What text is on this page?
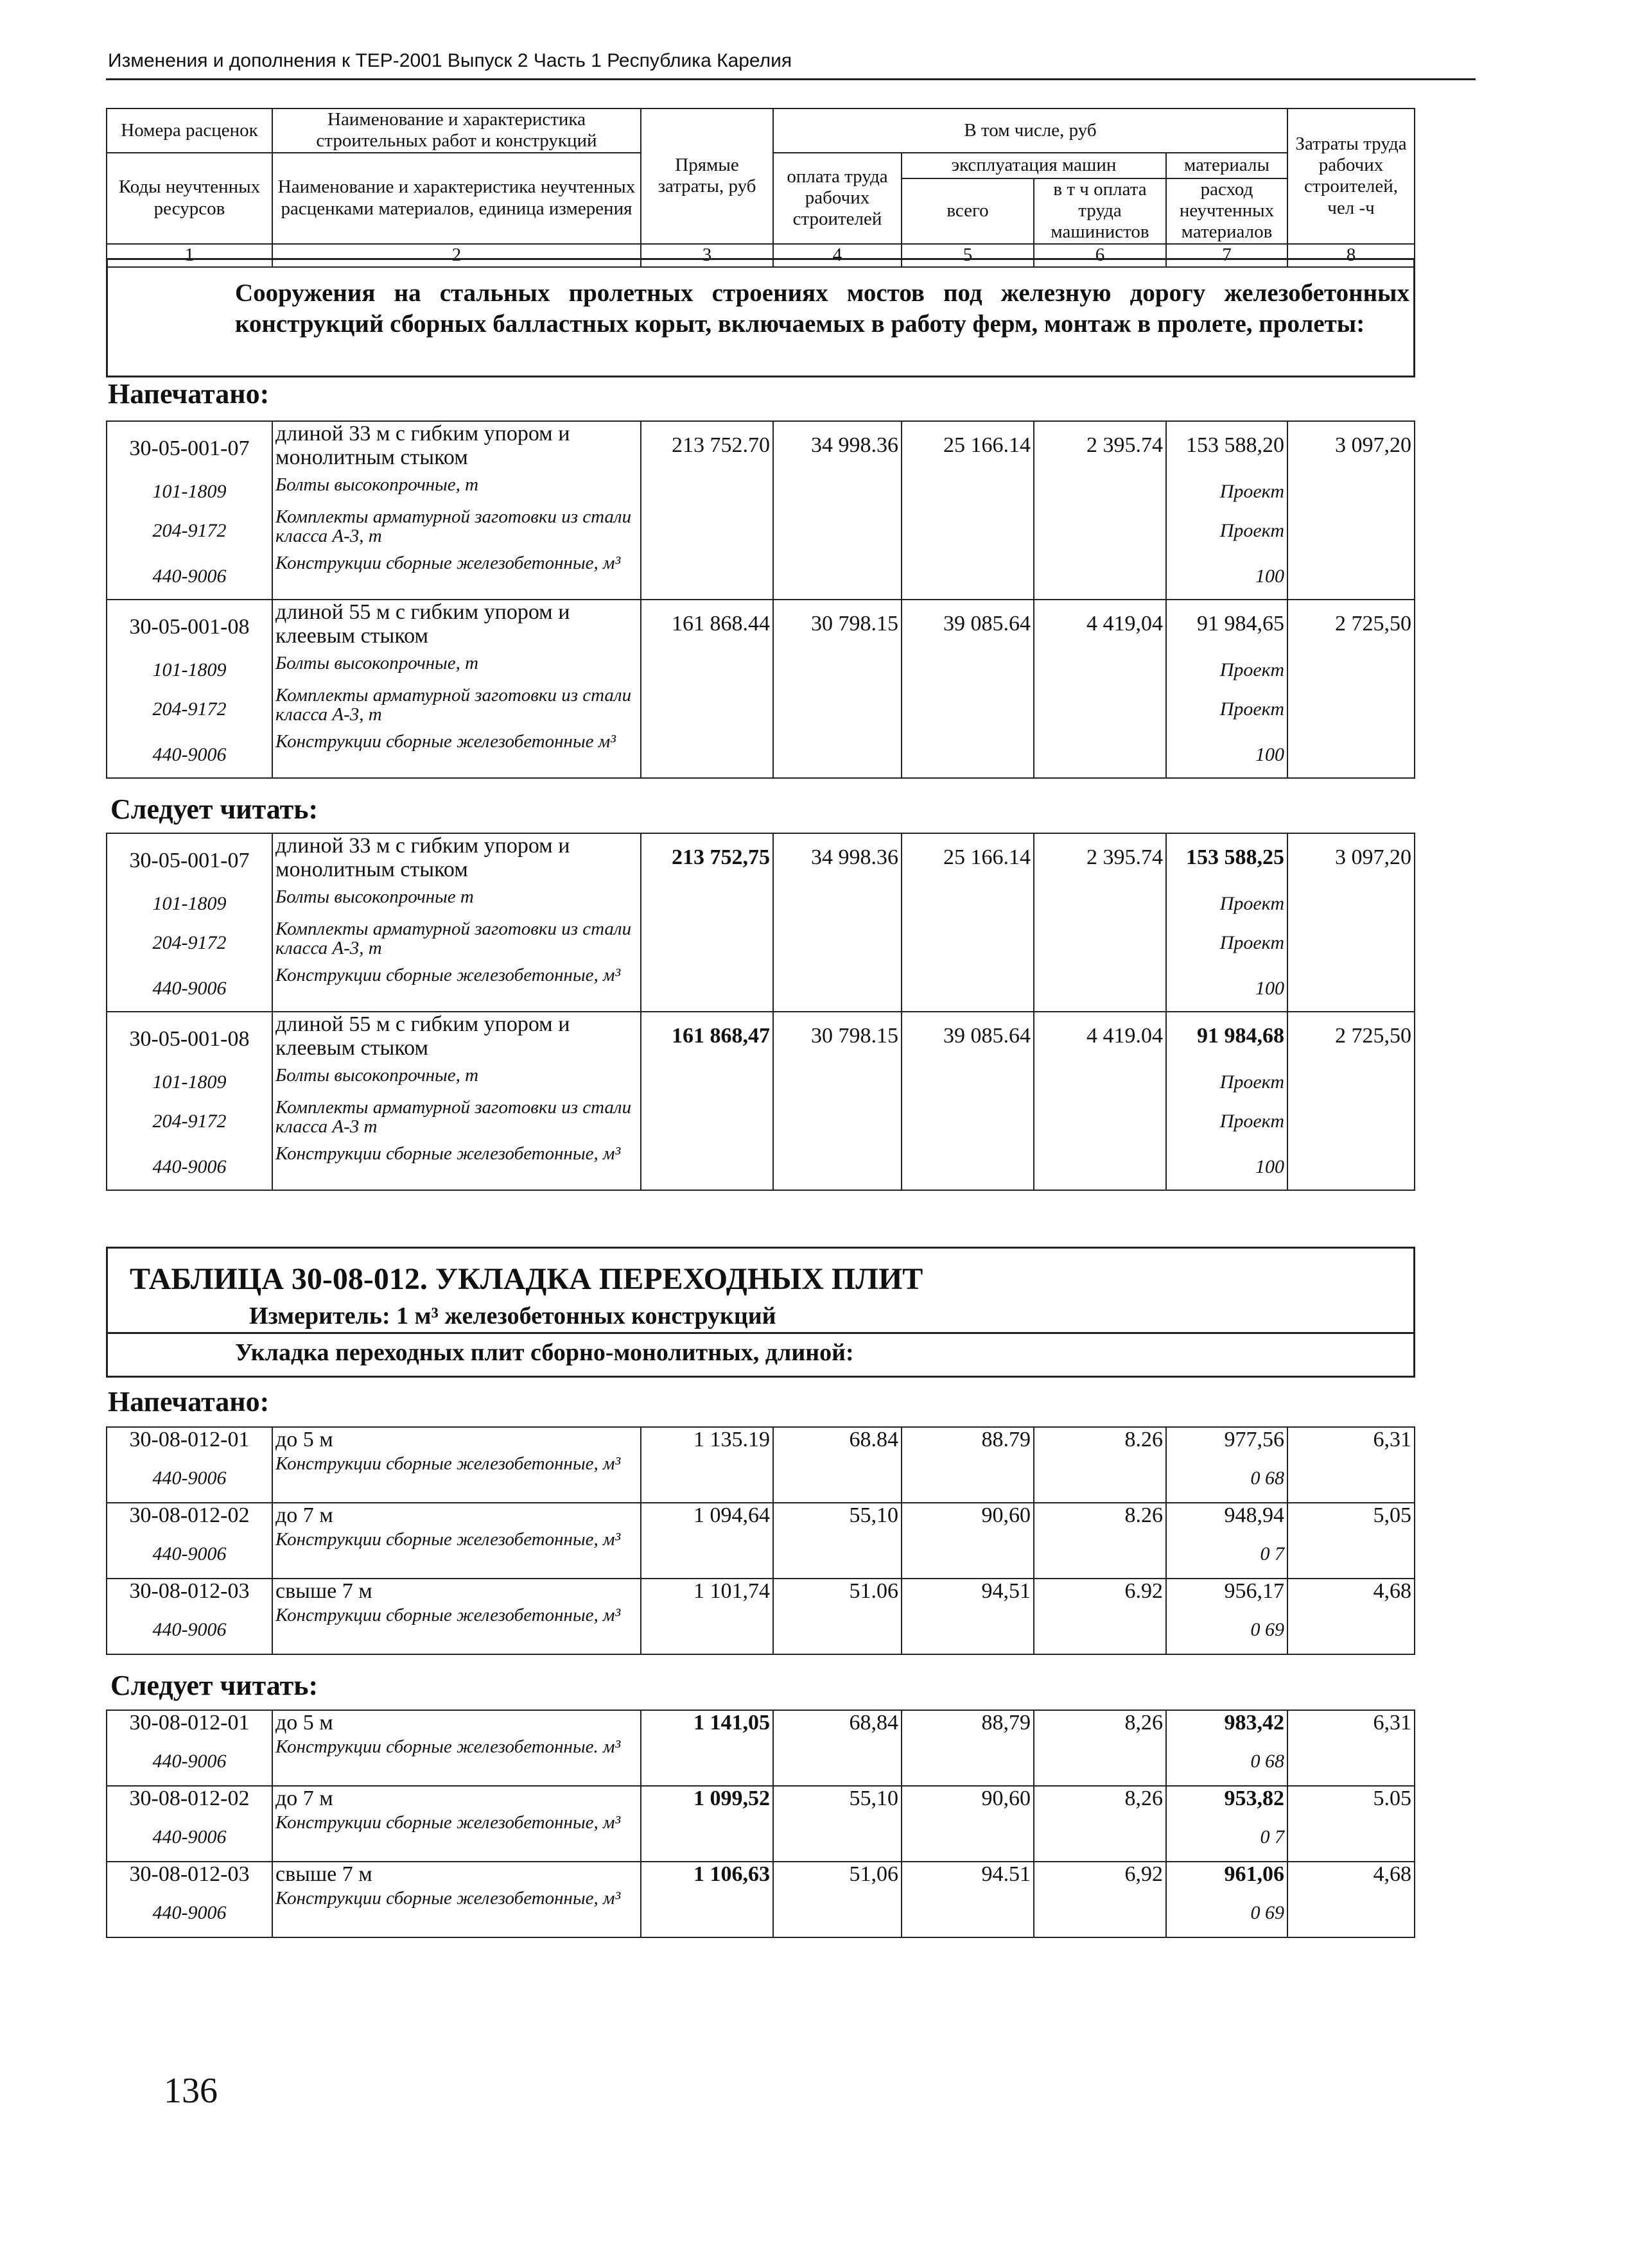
Изменения и дополнения к ТЕР-2001 Выпуск 2 Часть 1 Республика Карелия
Номера расценок	Наименование и характеристика строительных работ и конструкций	Прямые затраты, руб	В том числе, руб				Затраты труда рабочих строителей, чел -ч
Коды неучтенных ресурсов	Наименование и характеристика неучтенных расценками материалов, единица измерения		оплата труда рабочих строителей	эксплуатация машин		материалы	
				всего	в т ч оплата труда машинистов	расход неучтенных материалов	

1	2	3	4	5	6	7	8
Сооружения на стальных пролетных строениях мостов под железную дорогу железобетонных конструкций сборных балластных корыт, включаемых в работу ферм, монтаж в пролете, пролеты:
Напечатано:
30-05-001-07	длиной 33 м с гибким упором и монолитным стыком	213 752.70	34 998.36	25 166.14	2 395.74	153 588,20	3 097,20
101-1809	Болты высокопрочные, т					Проект	
204-9172	Комплекты арматурной заготовки из стали класса А-3, т					Проект	
440-9006	Конструкции сборные железобетонные, м³					100	
30-05-001-08	длиной 55 м с гибким упором и клеевым стыком	161 868.44	30 798.15	39 085.64	4 419,04	91 984,65	2 725,50
101-1809	Болты высокопрочные, т					Проект	
204-9172	Комплекты арматурной заготовки из стали класса А-3, т					Проект	
440-9006	Конструкции сборные железобетонные м³					100	
Следует читать:
30-05-001-07	длиной 33 м с гибким упором и монолитным стыком	213 752,75	34 998.36	25 166.14	2 395.74	153 588,25	3 097,20
101-1809	Болты высокопрочные т					Проект	
204-9172	Комплекты арматурной заготовки из стали класса А-3, т					Проект	
440-9006	Конструкции сборные железобетонные, м³					100	
30-05-001-08	длиной 55 м с гибким упором и клеевым стыком	161 868,47	30 798.15	39 085.64	4 419.04	91 984,68	2 725,50
101-1809	Болты высокопрочные, т					Проект	
204-9172	Комплекты арматурной заготовки из стали класса А-3 т					Проект	
440-9006	Конструкции сборные железобетонные, м³					100	
ТАБЛИЦА 30-08-012. УКЛАДКА ПЕРЕХОДНЫХ ПЛИТ
Измеритель: 1 м³ железобетонных конструкций
Укладка переходных плит сборно-монолитных, длиной:
Напечатано:
30-08-012-01	до 5 м	1 135.19	68.84	88.79	8.26	977,56	6,31
440-9006	Конструкции сборные железобетонные, м³					0 68	
30-08-012-02	до 7 м	1 094,64	55,10	90,60	8.26	948,94	5,05
440-9006	Конструкции сборные железобетонные, м³					0 7	
30-08-012-03	свыше 7 м	1 101,74	51.06	94,51	6.92	956,17	4,68
440-9006	Конструкции сборные железобетонные, м³					0 69	
Следует читать:
30-08-012-01	до 5 м	1 141,05	68,84	88,79	8,26	983,42	6,31
440-9006	Конструкции сборные железобетонные. м³					0 68	
30-08-012-02	до 7 м	1 099,52	55,10	90,60	8,26	953,82	5.05
440-9006	Конструкции сборные железобетонные, м³					0 7	
30-08-012-03	свыше 7 м	1 106,63	51,06	94.51	6,92	961,06	4,68
440-9006	Конструкции сборные железобетонные, м³					0 69	
136
